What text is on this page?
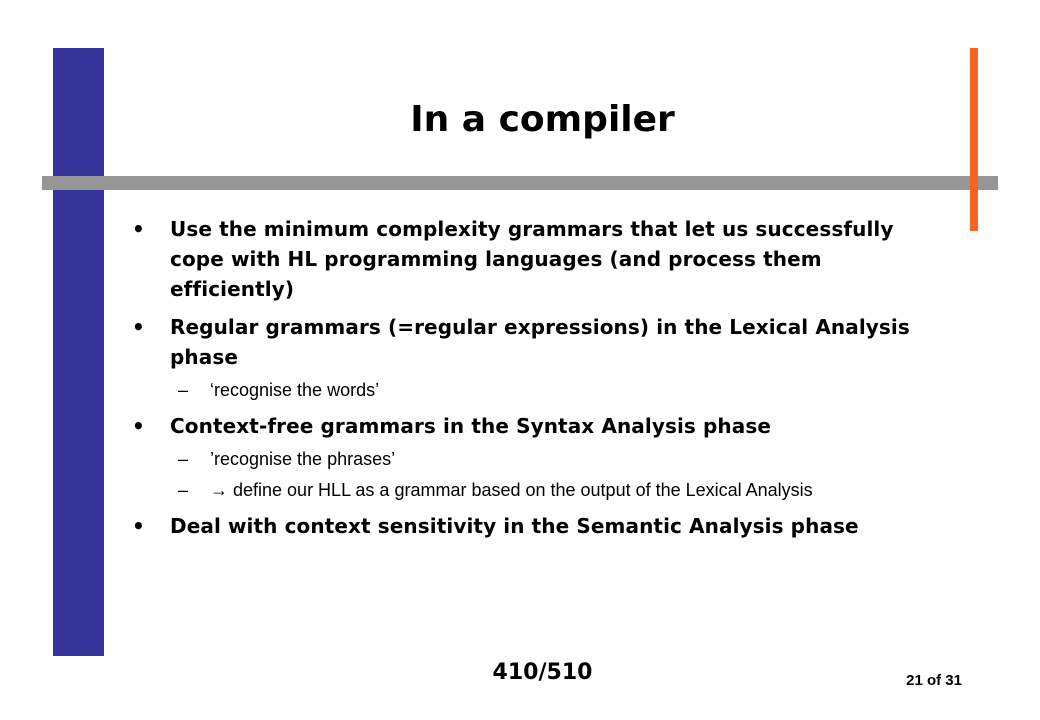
In a compiler
• Use the minimum complexity grammars that let us successfully cope with HL programming languages (and process them efficiently)
• Regular grammars (=regular expressions) in the Lexical Analysis phase
– ‘recognise the words’
• Context-free grammars in the Syntax Analysis phase
– ’recognise the phrases’
– → define our HLL as a grammar based on the output of the Lexical Analysis
• Deal with context sensitivity in the Semantic Analysis phase
410/510	21 of 31
